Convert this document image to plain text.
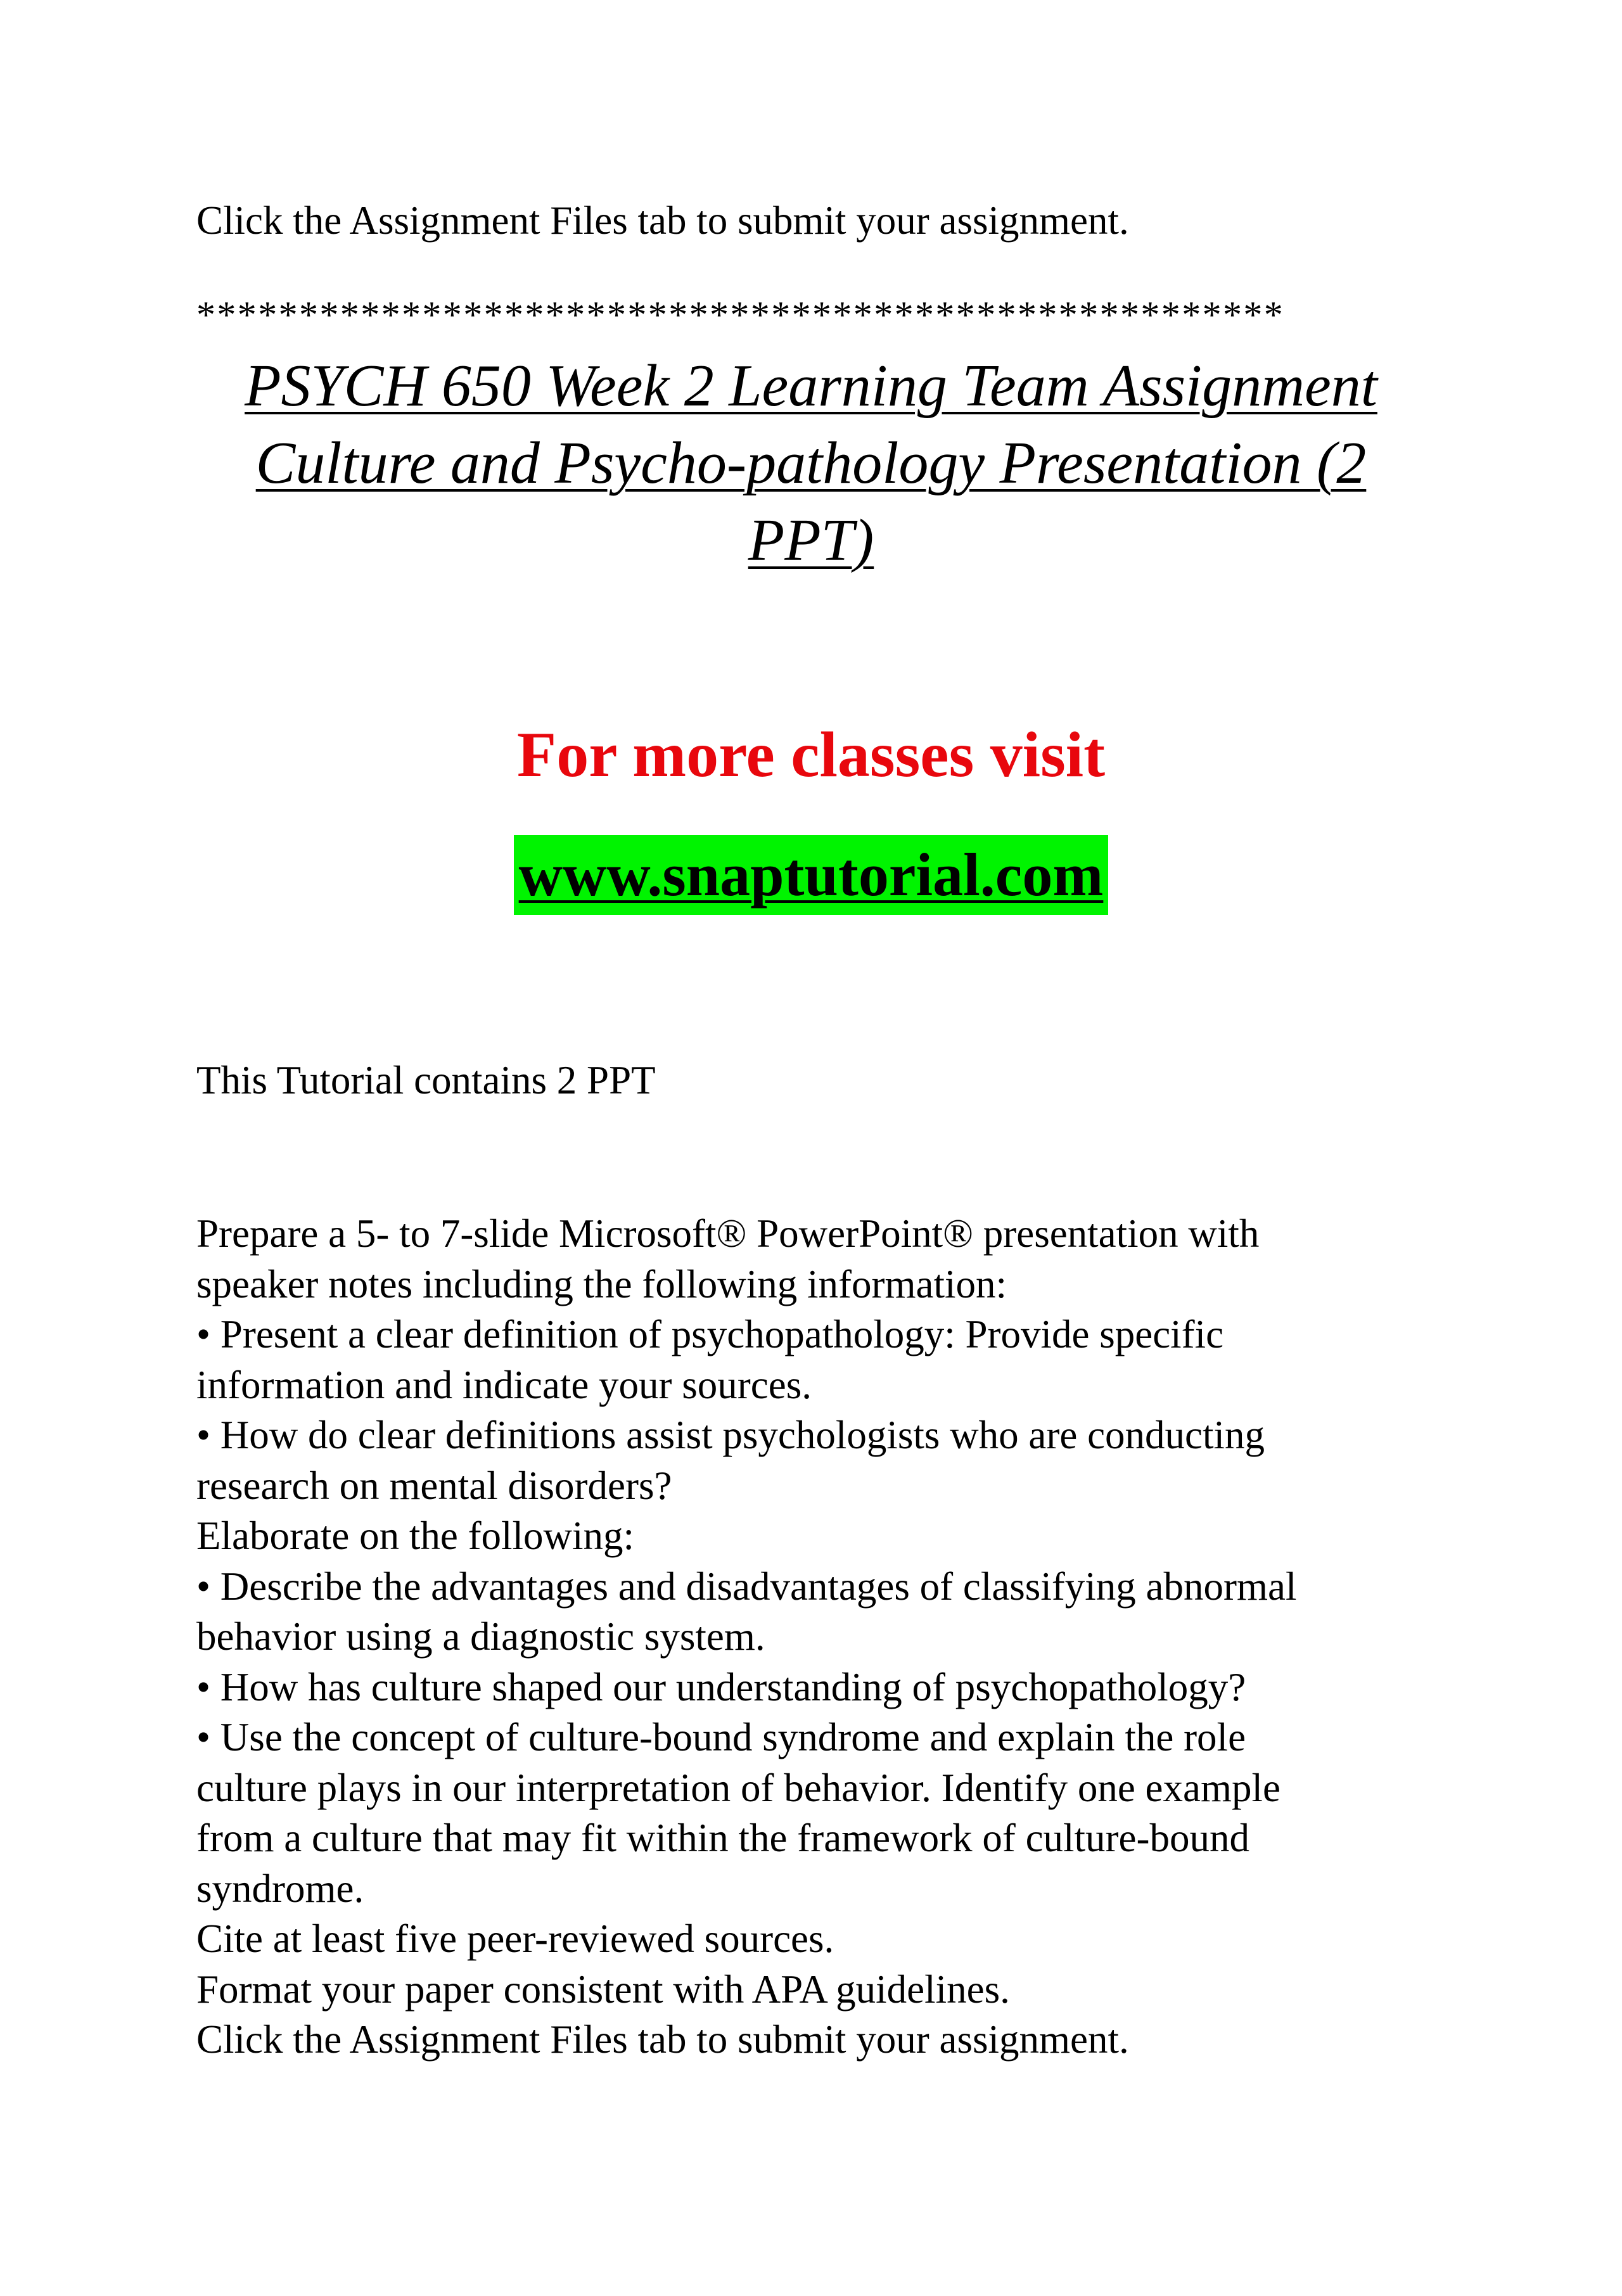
Click the Assignment Files tab to submit your assignment.

*****************************************************

PSYCH 650 Week 2 Learning Team Assignment
Culture and Psycho-pathology Presentation (2
PPT)

For more classes visit

www.snaptutorial.com

This Tutorial contains 2 PPT

Prepare a 5- to 7-slide Microsoft® PowerPoint® presentation with
speaker notes including the following information:
• Present a clear definition of psychopathology: Provide specific
information and indicate your sources.
• How do clear definitions assist psychologists who are conducting
research on mental disorders?
Elaborate on the following:
• Describe the advantages and disadvantages of classifying abnormal
behavior using a diagnostic system.
• How has culture shaped our understanding of psychopathology?
• Use the concept of culture-bound syndrome and explain the role
culture plays in our interpretation of behavior. Identify one example
from a culture that may fit within the framework of culture-bound
syndrome.
Cite at least five peer-reviewed sources.
Format your paper consistent with APA guidelines.
Click the Assignment Files tab to submit your assignment.
